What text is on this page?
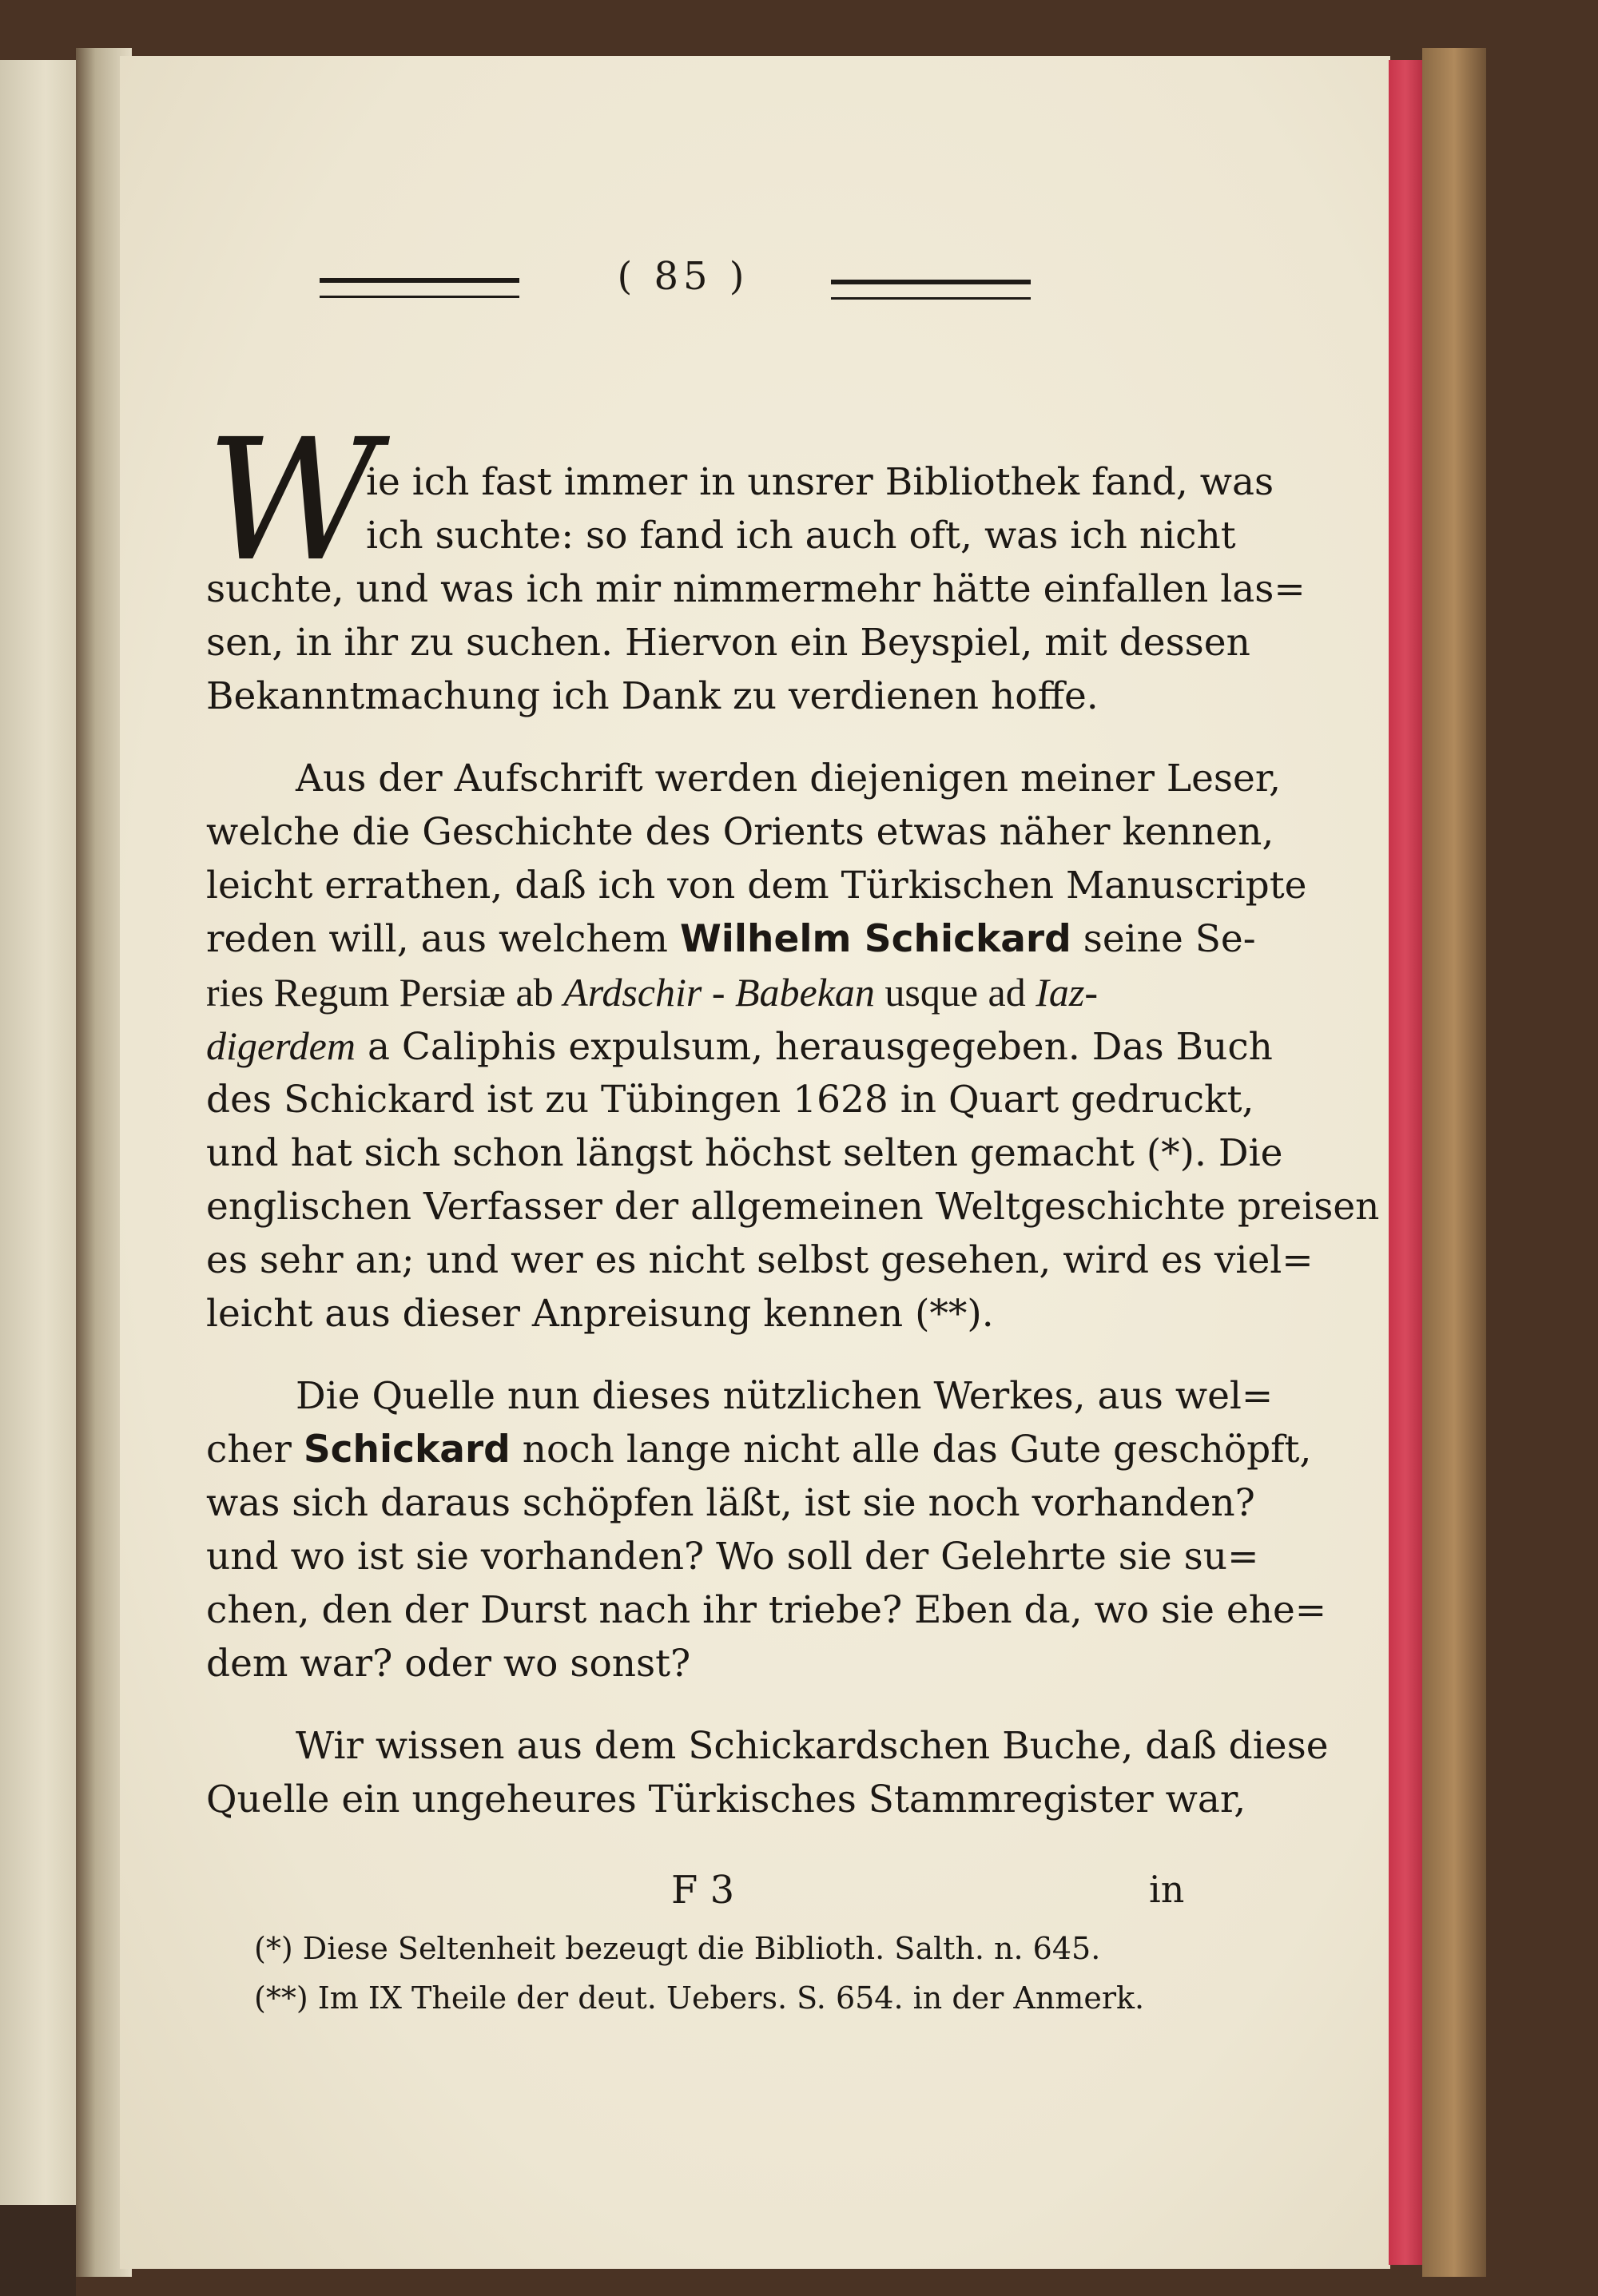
( 85 )
W
ie ich fast immer in unsrer Bibliothek fand, was
ich suchte: so fand ich auch oft, was ich nicht
suchte, und was ich mir nimmermehr hätte einfallen las=
sen, in ihr zu suchen. Hiervon ein Beyspiel, mit dessen
Bekanntmachung ich Dank zu verdienen hoffe.
Aus der Aufschrift werden diejenigen meiner Leser,
welche die Geschichte des Orients etwas näher kennen,
leicht errathen, daß ich von dem Türkischen Manuscripte
reden will, aus welchem Wilhelm Schickard seine Se-
ries Regum Persiæ ab Ardschir - Babekan usque ad Iaz-
digerdem a Caliphis expulsum, herausgegeben. Das Buch
des Schickard ist zu Tübingen 1628 in Quart gedruckt,
und hat sich schon längst höchst selten gemacht (*). Die
englischen Verfasser der allgemeinen Weltgeschichte preisen
es sehr an; und wer es nicht selbst gesehen, wird es viel=
leicht aus dieser Anpreisung kennen (**).
Die Quelle nun dieses nützlichen Werkes, aus wel=
cher Schickard noch lange nicht alle das Gute geschöpft,
was sich daraus schöpfen läßt, ist sie noch vorhanden?
und wo ist sie vorhanden? Wo soll der Gelehrte sie su=
chen, den der Durst nach ihr triebe? Eben da, wo sie ehe=
dem war? oder wo sonst?
Wir wissen aus dem Schickardschen Buche, daß diese
Quelle ein ungeheures Türkisches Stammregister war,
F 3	in
(*) Diese Seltenheit bezeugt die Biblioth. Salth. n. 645.
(**) Im IX Theile der deut. Uebers. S. 654. in der Anmerk.
